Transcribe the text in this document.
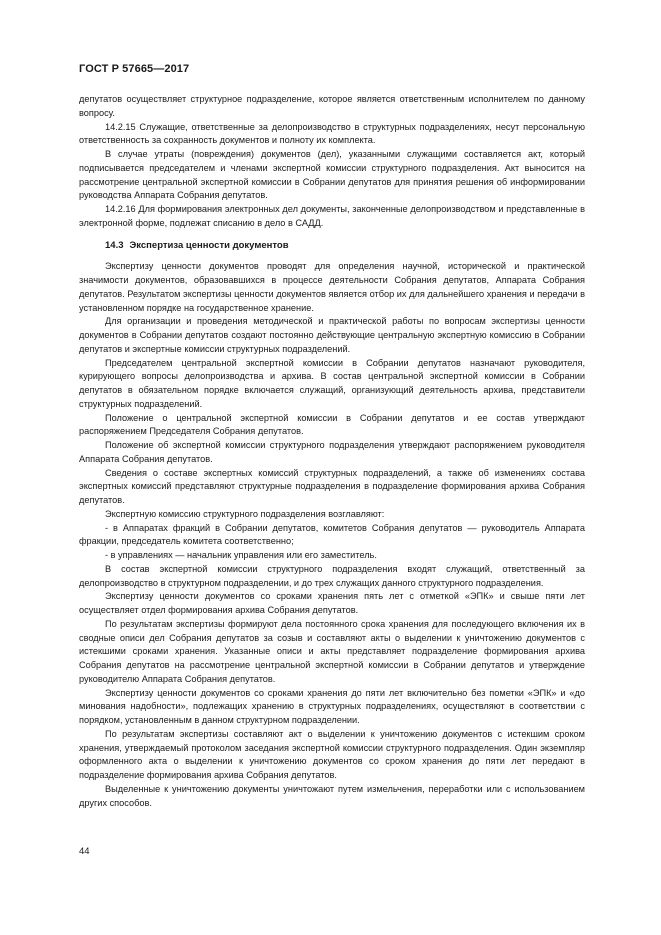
ГОСТ Р 57665—2017

депутатов осуществляет структурное подразделение, которое является ответственным исполнителем по данному вопросу.

14.2.15 Служащие, ответственные за делопроизводство в структурных подразделениях, несут персональную ответственность за сохранность документов и полноту их комплекта.

В случае утраты (повреждения) документов (дел), указанными служащими составляется акт, который подписывается председателем и членами экспертной комиссии структурного подразделения. Акт выносится на рассмотрение центральной экспертной комиссии в Собрании депутатов для принятия решения об информировании руководства Аппарата Собрания депутатов.

14.2.16 Для формирования электронных дел документы, законченные делопроизводством и представленные в электронной форме, подлежат списанию в дело в САДД.

14.3 Экспертиза ценности документов

Экспертизу ценности документов проводят для определения научной, исторической и практической значимости документов, образовавшихся в процессе деятельности Собрания депутатов, Аппарата Собрания депутатов. Результатом экспертизы ценности документов является отбор их для дальнейшего хранения и передачи в установленном порядке на государственное хранение.

Для организации и проведения методической и практической работы по вопросам экспертизы ценности документов в Собрании депутатов создают постоянно действующие центральную экспертную комиссию в Собрании депутатов и экспертные комиссии структурных подразделений.

Председателем центральной экспертной комиссии в Собрании депутатов назначают руководителя, курирующего вопросы делопроизводства и архива. В состав центральной экспертной комиссии в Собрании депутатов в обязательном порядке включается служащий, организующий деятельность архива, представители структурных подразделений.

Положение о центральной экспертной комиссии в Собрании депутатов и ее состав утверждают распоряжением Председателя Собрания депутатов.

Положение об экспертной комиссии структурного подразделения утверждают распоряжением руководителя Аппарата Собрания депутатов.

Сведения о составе экспертных комиссий структурных подразделений, а также об изменениях состава экспертных комиссий представляют структурные подразделения в подразделение формирования архива Собрания депутатов.

Экспертную комиссию структурного подразделения возглавляют:

- в Аппаратах фракций в Собрании депутатов, комитетов Собрания депутатов — руководитель Аппарата фракции, председатель комитета соответственно;

- в управлениях — начальник управления или его заместитель.

В состав экспертной комиссии структурного подразделения входят служащий, ответственный за делопроизводство в структурном подразделении, и до трех служащих данного структурного подразделения.

Экспертизу ценности документов со сроками хранения пять лет с отметкой «ЭПК» и свыше пяти лет осуществляет отдел формирования архива Собрания депутатов.

По результатам экспертизы формируют дела постоянного срока хранения для последующего включения их в сводные описи дел Собрания депутатов за созыв и составляют акты о выделении к уничтожению документов с истекшими сроками хранения. Указанные описи и акты представляет подразделение формирования архива Собрания депутатов на рассмотрение центральной экспертной комиссии в Собрании депутатов и утверждение руководителю Аппарата Собрания депутатов.

Экспертизу ценности документов со сроками хранения до пяти лет включительно без пометки «ЭПК» и «до минования надобности», подлежащих хранению в структурных подразделениях, осуществляют в соответствии с порядком, установленным в данном структурном подразделении.

По результатам экспертизы составляют акт о выделении к уничтожению документов с истекшим сроком хранения, утверждаемый протоколом заседания экспертной комиссии структурного подразделения. Один экземпляр оформленного акта о выделении к уничтожению документов со сроком хранения до пяти лет передают в подразделение формирования архива Собрания депутатов.

Выделенные к уничтожению документы уничтожают путем измельчения, переработки или с использованием других способов.

44
